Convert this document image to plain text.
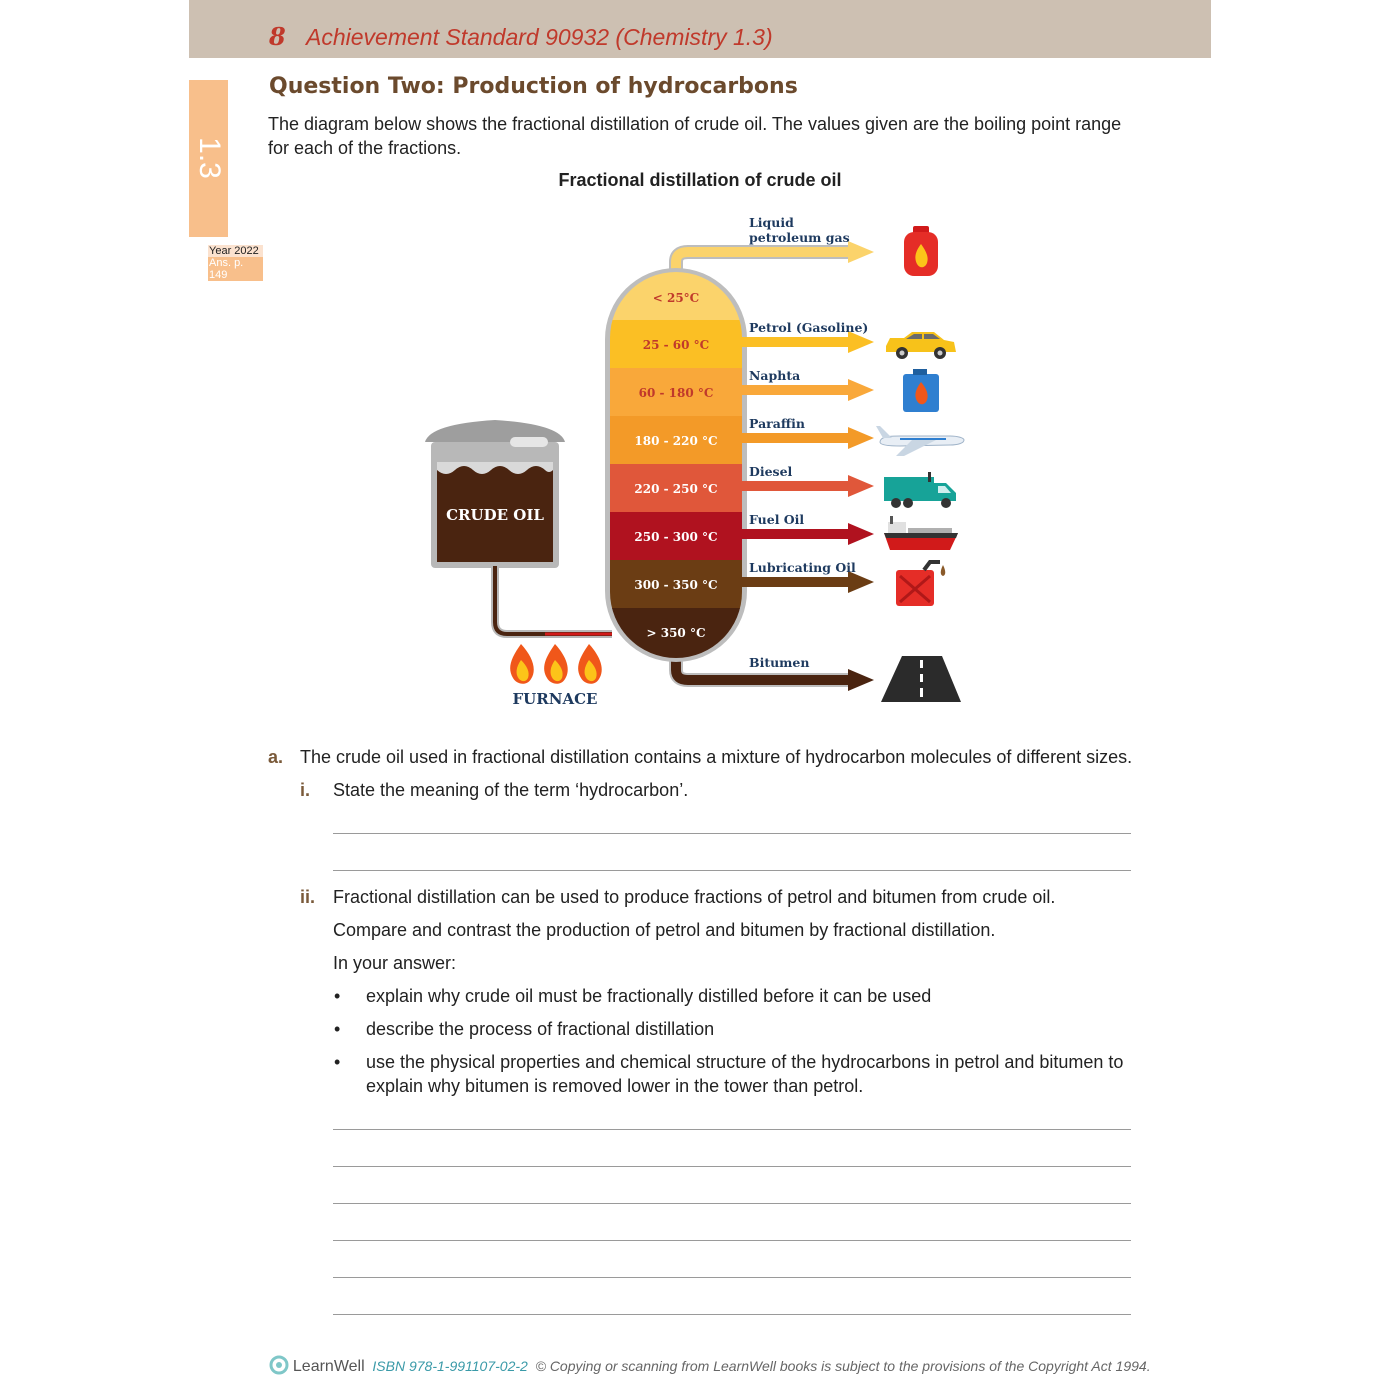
8 Achievement Standard 90932 (Chemistry 1.3)
1.3
Year 2022
Ans. p. 149
Question Two: Production of hydrocarbons
The diagram below shows the fractional distillation of crude oil. The values given are the boiling point range for each of the fractions.
Fractional distillation of crude oil
CRUDE OIL
FURNACE
< 25°C
25 - 60 °C
60 - 180 °C
180 - 220 °C
220 - 250 °C
250 - 300 °C
300 - 350 °C
> 350 °C
Liquid petroleum gas
Petrol (Gasoline)
Naphta
Paraffin
Diesel
Fuel Oil
Lubricating Oil
Bitumen
a. The crude oil used in fractional distillation contains a mixture of hydrocarbon molecules of different sizes.
i. State the meaning of the term ‘hydrocarbon’.
ii. Fractional distillation can be used to produce fractions of petrol and bitumen from crude oil.
Compare and contrast the production of petrol and bitumen by fractional distillation.
In your answer:
• explain why crude oil must be fractionally distilled before it can be used
• describe the process of fractional distillation
• use the physical properties and chemical structure of the hydrocarbons in petrol and bitumen to explain why bitumen is removed lower in the tower than petrol.
LearnWell ISBN 978-1-991107-02-2 © Copying or scanning from LearnWell books is subject to the provisions of the Copyright Act 1994.
